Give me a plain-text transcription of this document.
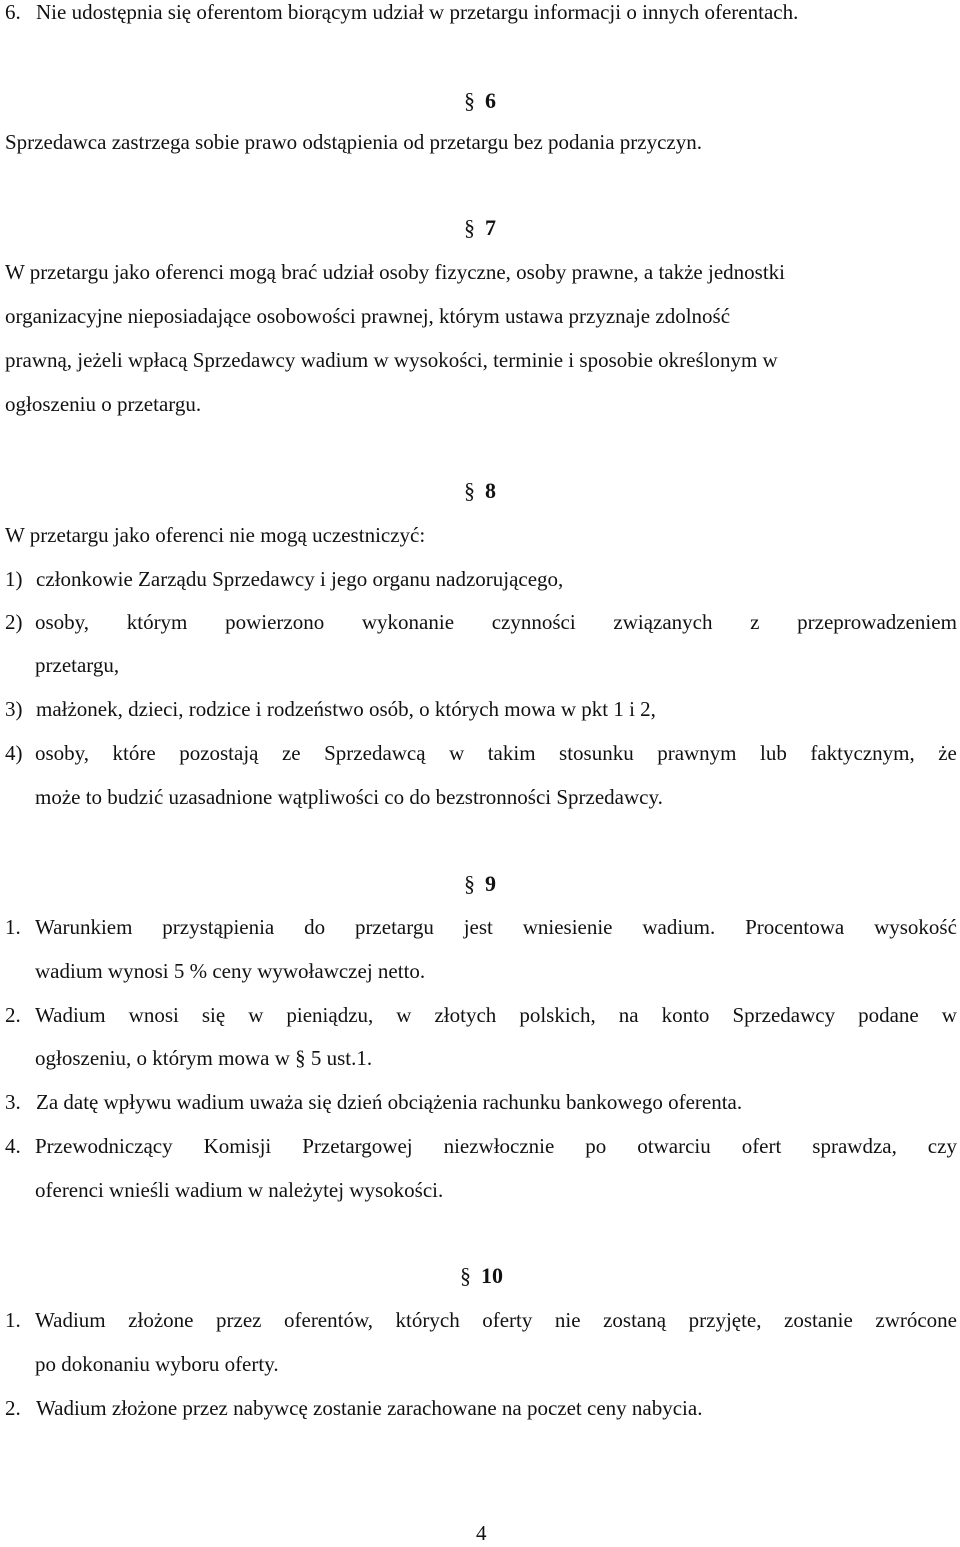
6. Nie udostępnia się oferentom biorącym udział w przetargu informacji o innych oferentach.
§ 6
Sprzedawca zastrzega sobie prawo odstąpienia od przetargu bez podania przyczyn.
§ 7
W przetargu jako oferenci mogą brać udział osoby fizyczne, osoby prawne, a także jednostki
organizacyjne nieposiadające osobowości prawnej, którym ustawa przyznaje zdolność
prawną, jeżeli wpłacą Sprzedawcy wadium w wysokości, terminie i sposobie określonym w
ogłoszeniu o przetargu.
§ 8
W przetargu jako oferenci nie mogą uczestniczyć:
1) członkowie Zarządu Sprzedawcy i jego organu nadzorującego,
2) osoby, którym powierzono wykonanie czynności związanych z przeprowadzeniem
przetargu,
3) małżonek, dzieci, rodzice i rodzeństwo osób, o których mowa w pkt 1 i 2,
4) osoby, które pozostają ze Sprzedawcą w takim stosunku prawnym lub faktycznym, że
może to budzić uzasadnione wątpliwości co do bezstronności Sprzedawcy.
§ 9
1. Warunkiem przystąpienia do przetargu jest wniesienie wadium. Procentowa wysokość
wadium wynosi 5 % ceny wywoławczej netto.
2. Wadium wnosi się w pieniądzu, w złotych polskich, na konto Sprzedawcy podane w
ogłoszeniu, o którym mowa w § 5 ust.1.
3. Za datę wpływu wadium uważa się dzień obciążenia rachunku bankowego oferenta.
4. Przewodniczący Komisji Przetargowej niezwłocznie po otwarciu ofert sprawdza, czy
oferenci wnieśli wadium w należytej wysokości.
§ 10
1. Wadium złożone przez oferentów, których oferty nie zostaną przyjęte, zostanie zwrócone
po dokonaniu wyboru oferty.
2. Wadium złożone przez nabywcę zostanie zarachowane na poczet ceny nabycia.
4
